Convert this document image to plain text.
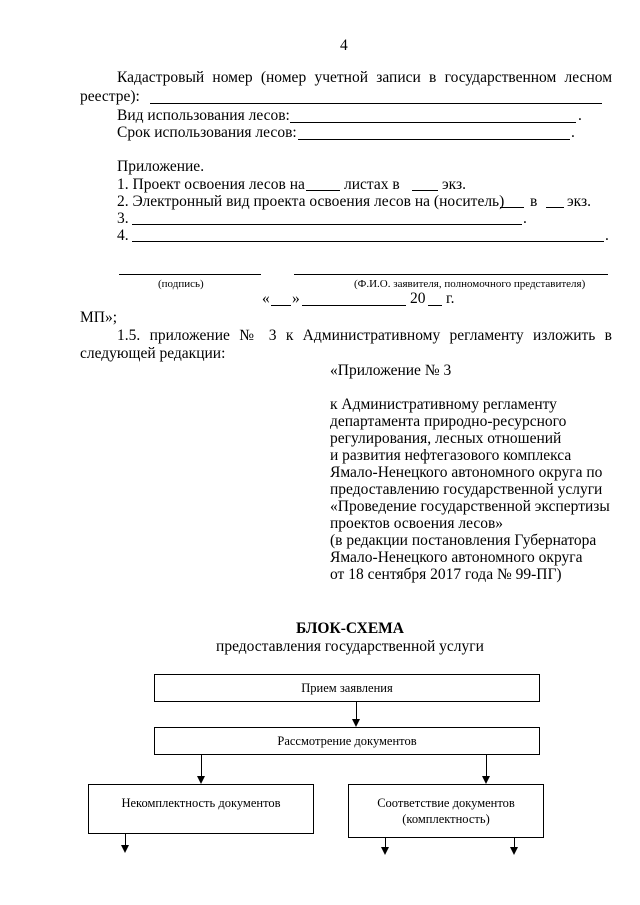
4
Кадастровый номер (номер учетной записи в государственном лесном
реестре):
Вид использования лесов:	.
Срок использования лесов:	.
Приложение.
1. Проект освоения лесов на	листах в	экз.
2. Электронный вид проекта освоения лесов на (носитель) в экз.
3.	.
4.	.
(подпись)	(Ф.И.О. заявителя, полномочного представителя)
« »	20 г.
МП»;
1.5. приложение № 3 к Административному регламенту изложить в
следующей редакции:
«Приложение № 3
к Административному регламенту
департамента природно-ресурсного
регулирования, лесных отношений
и развития нефтегазового комплекса
Ямало-Ненецкого автономного округа по
предоставлению государственной услуги
«Проведение государственной экспертизы
проектов освоения лесов»
(в редакции постановления Губернатора
Ямало-Ненецкого автономного округа
от 18 сентября 2017 года № 99-ПГ)
БЛОК-СХЕМА
предоставления государственной услуги
Прием заявления
Рассмотрение документов
Некомплектность документов	Соответствие документов
(комплектность)
